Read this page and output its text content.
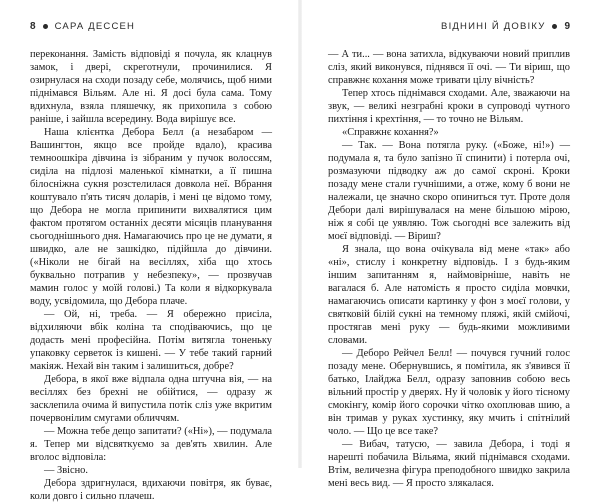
8 САРА ДЕССЕН

переконання. Замість відповіді я почула, як клацнув замок, і двері, скреготнули, прочинилися. Я озирнулася на сходи позаду себе, молячись, щоб ними піднімався Вільям. Але ні. Я досі була сама. Тому вдихнула, взяла пляшечку, як прихопила з собою раніше, і зайшла всередину. Вода вирішує все.

Наша клієнтка Дебора Белл (а незабаром — Вашингтон, якщо все пройде вдало), красива темноошкіра дівчина із зібраним у пучок волоссям, сиділа на підлозі маленької кімнатки, а її пишна білосніжна сукня розстелилася довкола неї. Вбрання коштувало п'ять тисяч доларів, і мені це відомо тому, що Дебора не могла припинити вихвалятися цим фактом протягом останніх десяти місяців планування сьогоднішнього дня. Намагаючись про це не думати, я швидко, але не зашкідко, підійшла до дівчини. («Ніколи не бігай на весіллях, хіба що хтось буквально потрапив у небезпеку», — прозвучав мамин голос у моїй голові.) Та коли я відкоркувала воду, усвідомила, що Дебора плаче.

— Ой, ні, треба. — Я обережно присіла, відхиляючи вбік коліна та сподіваючись, що це додасть мені професійна. Потім витягла тоненьку упаковку серветок із кишені. — У тебе такий гарний макіяж. Нехай він таким і залишиться, добре?

Дебора, в якої вже відпала одна штучна вія, — на весіллях без брехні не обійтися, — одразу ж засклепила очима й випустила потік сліз уже вкритим почервонілим смугами обличчям.

— Можна тебе дещо запитати? («Ні»), — подумала я. Тепер ми відсвяткуємо за дев'ять хвилин. Але вголос відповіла:

— Звісно.

Дебора здригнулася, вдихаючи повітря, як буває, коли довго і сильно плачеш.

ВІДНИНІ Й ДОВІКУ 9

— А ти... — вона затихла, відкуваючи новий приплив сліз, який виконувся, піднявся її очі. — Ти віриш, що справжнє кохання може тривати цілу вічність?

Тепер хтось піднімався сходами. Але, зважаючи на звук, — великі незграбні кроки в супроводі чутного пихтіння і крехтіння, — то точно не Вільям.

«Справжнє кохання?»

— Так. — Вона потягла руку. («Боже, ні!») — подумала я, та було запізно її спинити) і потерла очі, розмазуючи підводку аж до самої скроні. Кроки позаду мене стали гучнішими, а отже, кому б вони не належали, це значно скоро опиниться тут. Проте доля Дебори далі вирішувалася на мене більшою мірою, ніж я собі це уявляю. Тож сьогодні все залежить від моєї відповіді. — Віриш?

Я знала, що вона очікувала від мене «так» або «ні», стислу і конкретну відповідь. І з будь-яким іншим запитанням я, наймовірніше, навіть не вагалася б. Але натомість я просто сиділа мовчки, намагаючись описати картинку у фон з моєї голови, у святковій білій сукні на темному пляжі, якій смійочі, простягав мені руку — будь-якими можливими словами.

— Деборо Рейчел Белл! — почувся гучний голос позаду мене. Обернувшись, я помітила, як з'явився її батько, Ілайджа Белл, одразу заповнив собою весь вільний простір у дверях. Ну й чоловік у його тісному смокінгу, комір його сорочки чітко охоплював шию, а він тримав у руках хустинку, яку мчить і спітнілий чоло. — Що це все таке?

— Вибач, татусю, — завила Дебора, і тоді я нарешті побачила Вільяма, який піднімався сходами. Втім, величезна фігура преподобного швидко закрила мені весь вид. — Я просто злякалася.
